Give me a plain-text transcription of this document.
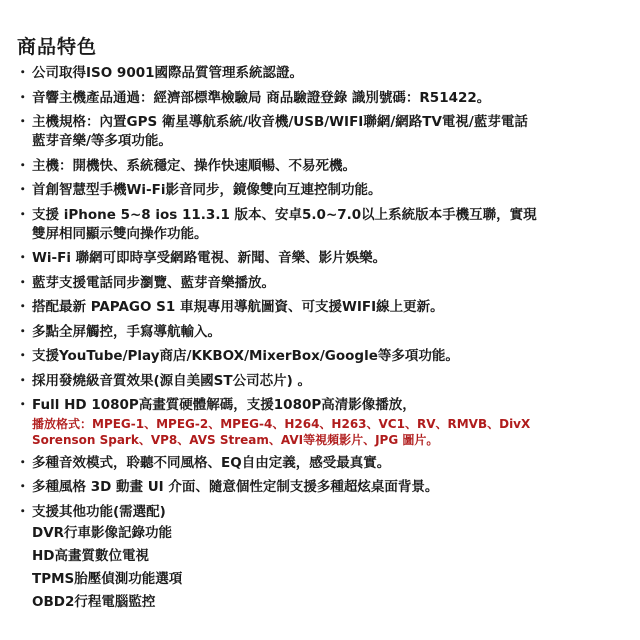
商品特色
・ 公司取得ISO 9001國際品質管理系統認證。
・ 音響主機產品通過：經濟部標準檢驗局 商品驗證登錄 識別號碼：R51422。
・ 主機規格：內置GPS 衛星導航系統/收音機/USB/WIFI聯網/網路TV電視/藍芽電話
藍芽音樂/等多項功能。
・ 主機：開機快、系統穩定、操作快速順暢、不易死機。
・ 首創智慧型手機Wi-Fi影音同步，鏡像雙向互連控制功能。
・ 支援 iPhone 5~8 ios 11.3.1 版本、安卓5.0~7.0以上系統版本手機互聯，實現
雙屏相同顯示雙向操作功能。
・ Wi-Fi 聯網可即時享受網路電視、新聞、音樂、影片娛樂。
・ 藍芽支援電話同步瀏覽、藍芽音樂播放。
・ 搭配最新 PAPAGO S1 車規專用導航圖資、可支援WIFI線上更新。
・ 多點全屏觸控，手寫導航輸入。
・ 支援YouTube/Play商店/KKBOX/MixerBox/Google等多項功能。
・ 採用發燒級音質效果(源自美國ST公司芯片) 。
・ Full HD 1080P高畫質硬體解碼，支援1080P高清影像播放，
播放格式：MPEG-1、MPEG-2、MPEG-4、H264、H263、VC1、RV、RMVB、DivX
Sorenson Spark、VP8、AVS Stream、AVI等視頻影片、JPG 圖片。
・ 多種音效模式，聆聽不同風格、EQ自由定義，感受最真實。
・ 多種風格 3D 動畫 UI 介面、隨意個性定制支援多種超炫桌面背景。
・ 支援其他功能(需選配)
DVR行車影像記錄功能
HD高畫質數位電視
TPMS胎壓偵測功能選項
OBD2行程電腦監控
